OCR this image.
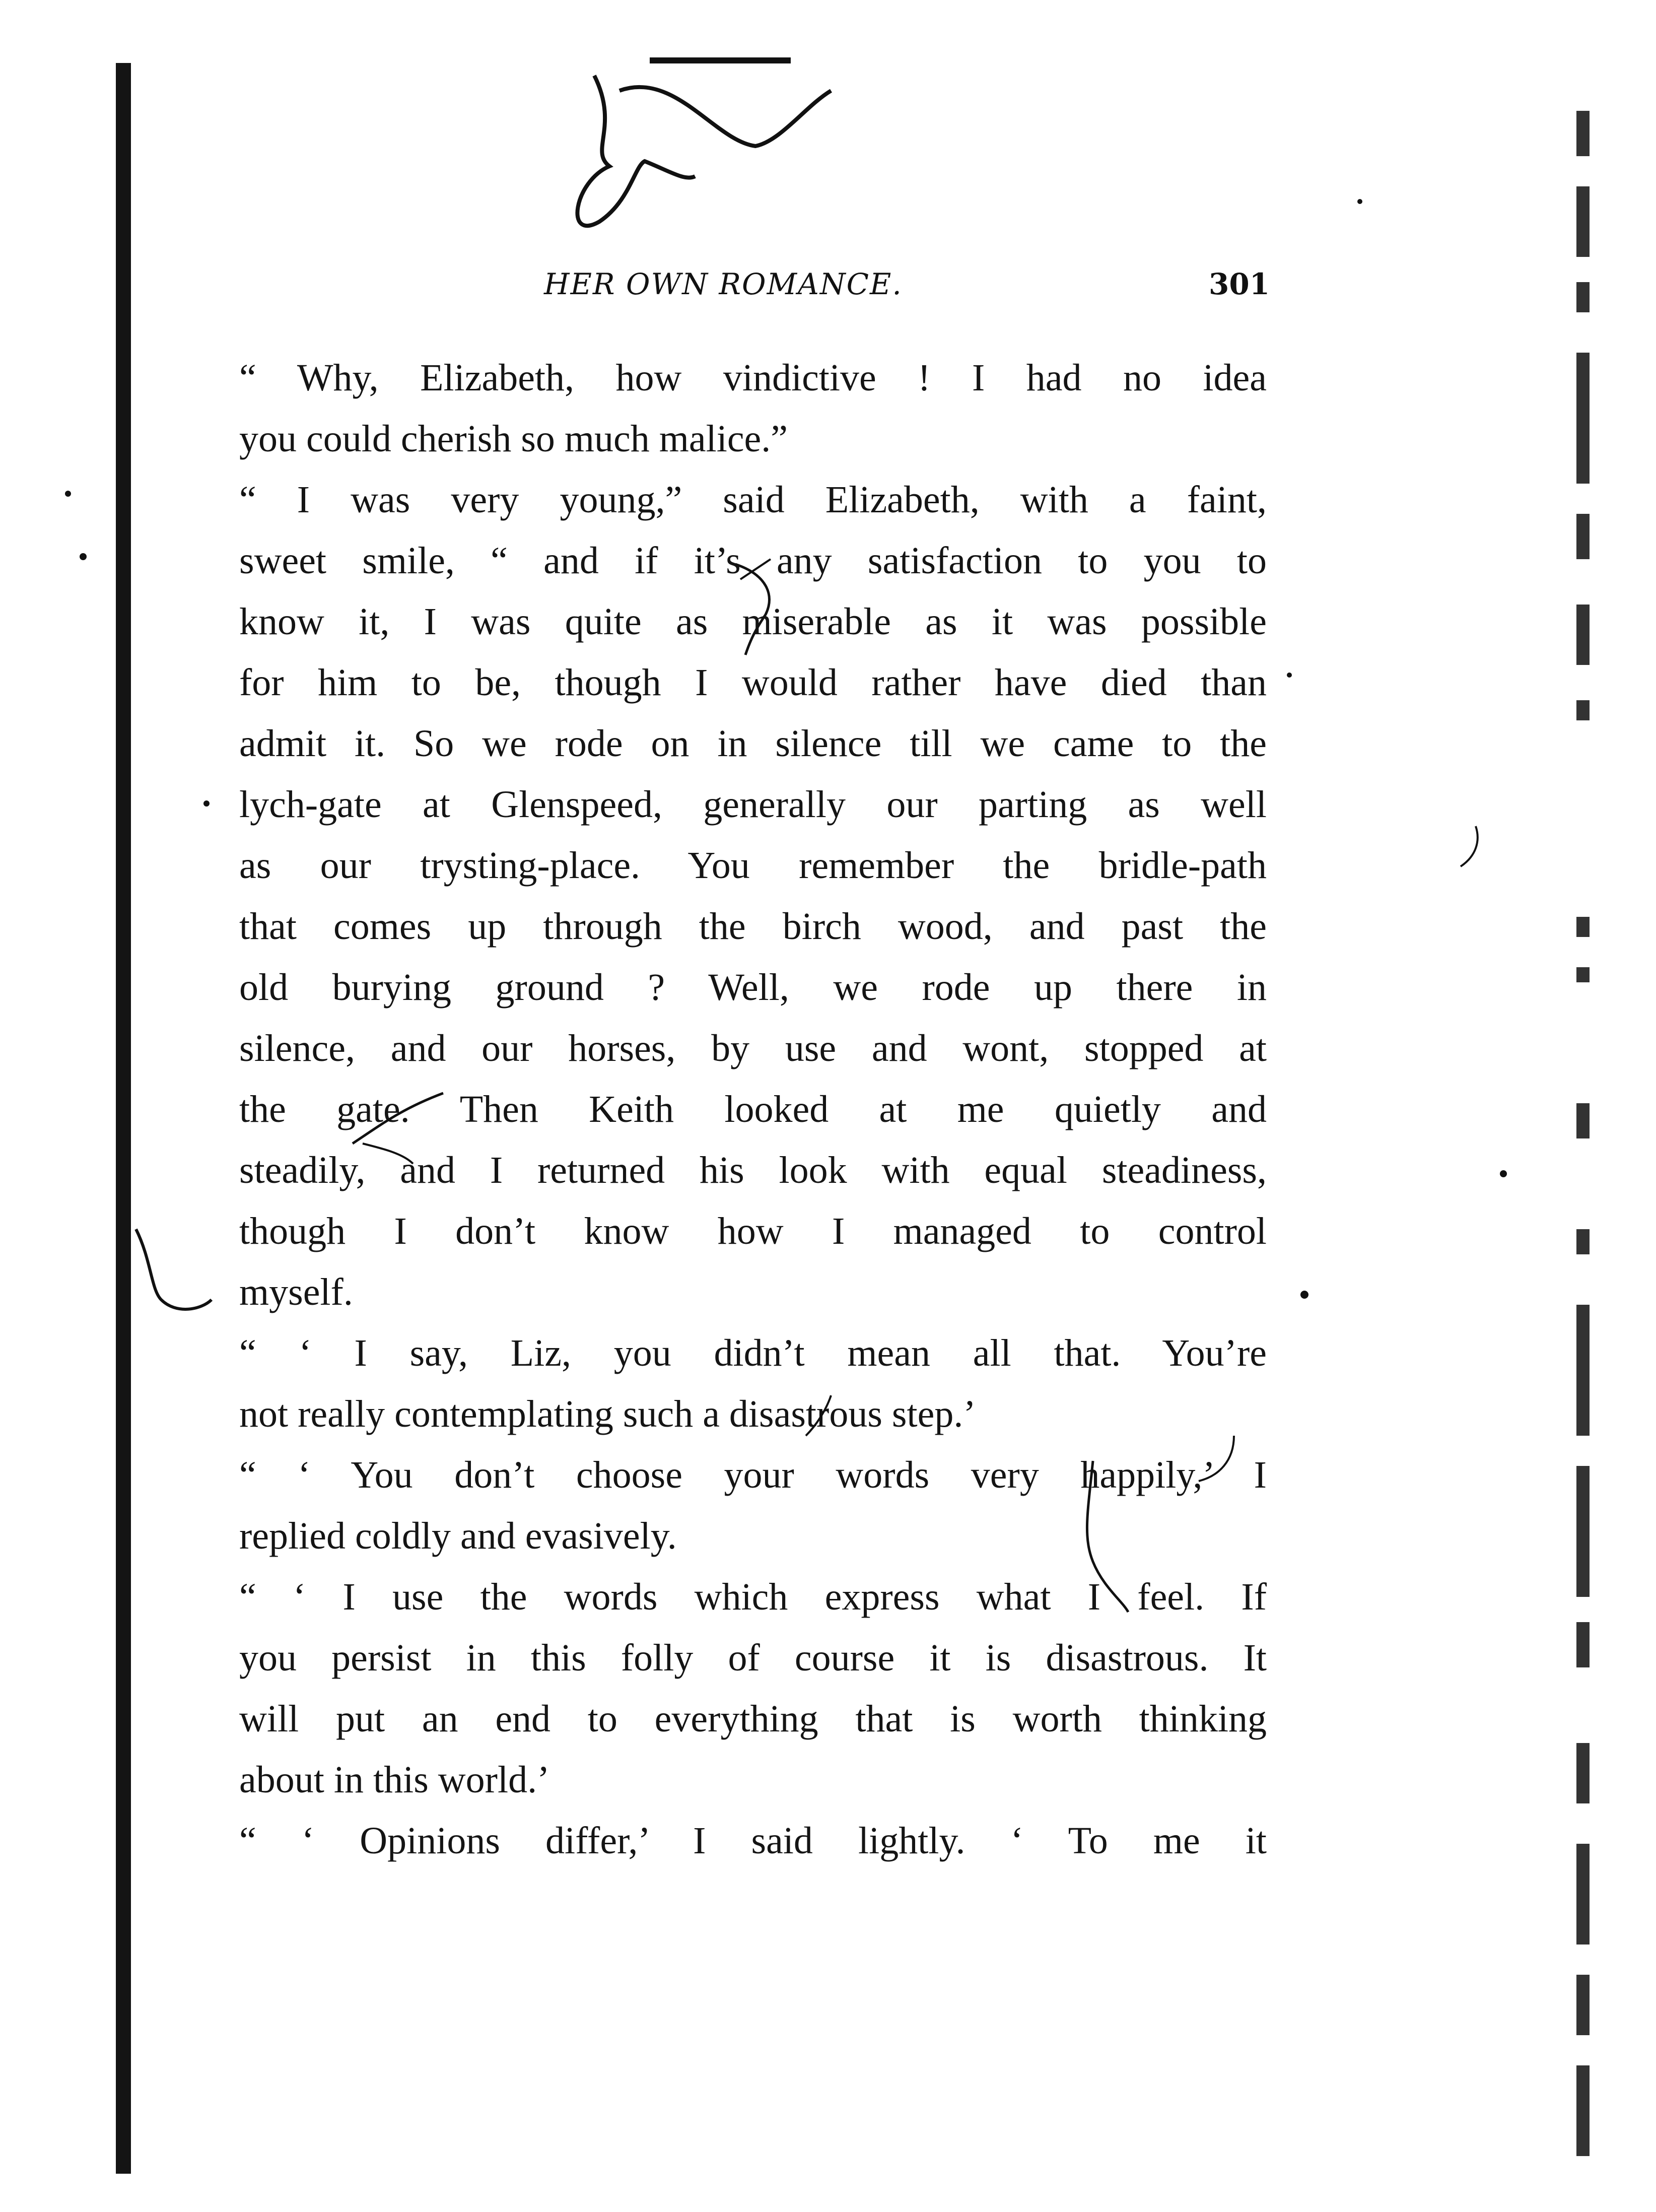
HER OWN ROMANCE.	301
“ Why, Elizabeth, how vindictive ! I had no idea
you could cherish so much malice.”
“ I was very young,” said Elizabeth, with a faint,
sweet smile, “ and if it’s any satisfaction to you to
know it, I was quite as miserable as it was possible
for him to be, though I would rather have died than
admit it. So we rode on in silence till we came to the
lych-gate at Glenspeed, generally our parting as well
as our trysting-place. You remember the bridle-path
that comes up through the birch wood, and past the
old burying ground ? Well, we rode up there in
silence, and our horses, by use and wont, stopped at
the gate. Then Keith looked at me quietly and
steadily, and I returned his look with equal steadiness,
though I don’t know how I managed to control
myself.
“ ‘ I say, Liz, you didn’t mean all that. You’re
not really contemplating such a disastrous step.’
“ ‘ You don’t choose your words very happily,’ I
replied coldly and evasively.
“ ‘ I use the words which express what I feel. If
you persist in this folly of course it is disastrous. It
will put an end to everything that is worth thinking
about in this world.’
“ ‘ Opinions differ,’ I said lightly. ‘ To me it
